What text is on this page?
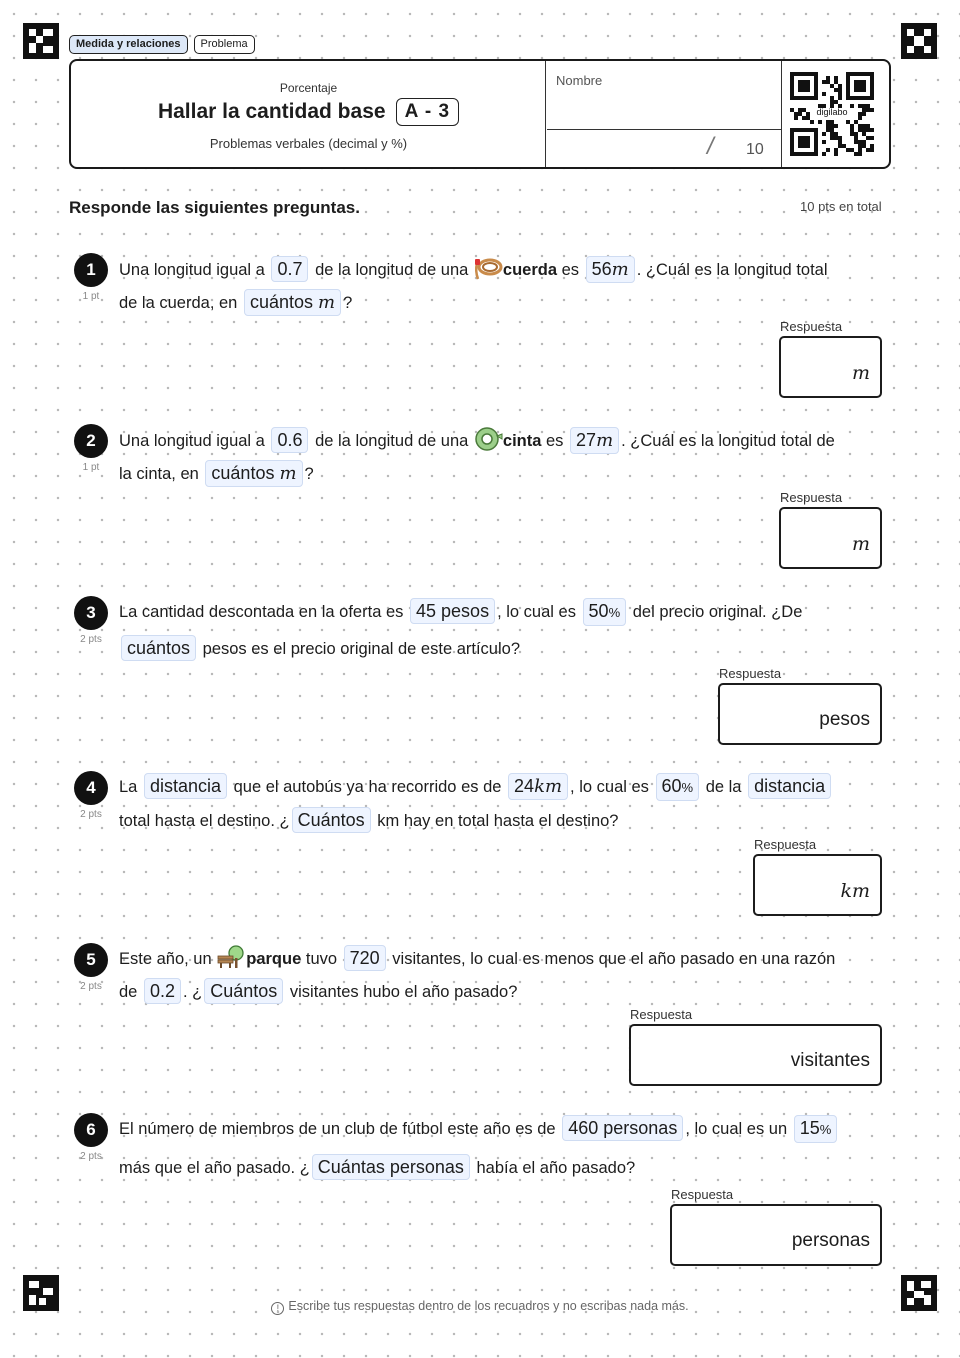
Medida y relaciones	Problema
Porcentaje
Hallar la cantidad base	A - 3
Problemas verbales (decimal y %)
Nombre
/ 10
digilabo
Responde las siguientes preguntas.	10 pts en total
1
1 pt
Una longitud igual a 0.7 de la longitud de una cuerda es 56m . ¿Cuál es la longitud total
de la cuerda, en cuántos m ?
Respuesta
m
2
1 pt
Una longitud igual a 0.6 de la longitud de una cinta es 27m . ¿Cuál es la longitud total de
la cinta, en cuántos m ?
Respuesta
m
3
2 pts
La cantidad descontada en la oferta es 45 pesos , lo cual es 50% del precio original. ¿De
cuántos pesos es el precio original de este artículo?
Respuesta
pesos
4
2 pts
La distancia que el autobús ya ha recorrido es de 24km , lo cual es 60% de la distancia
total hasta el destino. ¿ Cuántos km hay en total hasta el destino?
Respuesta
km
5
2 pts
Este año, un parque tuvo 720 visitantes, lo cual es menos que el año pasado en una razón
de 0.2 . ¿ Cuántos visitantes hubo el año pasado?
Respuesta
visitantes
6
2 pts
El número de miembros de un club de fútbol este año es de 460 personas , lo cual es un 15%
más que el año pasado. ¿ Cuántas personas había el año pasado?
Respuesta
personas
! Escribe tus respuestas dentro de los recuadros y no escribas nada más.
